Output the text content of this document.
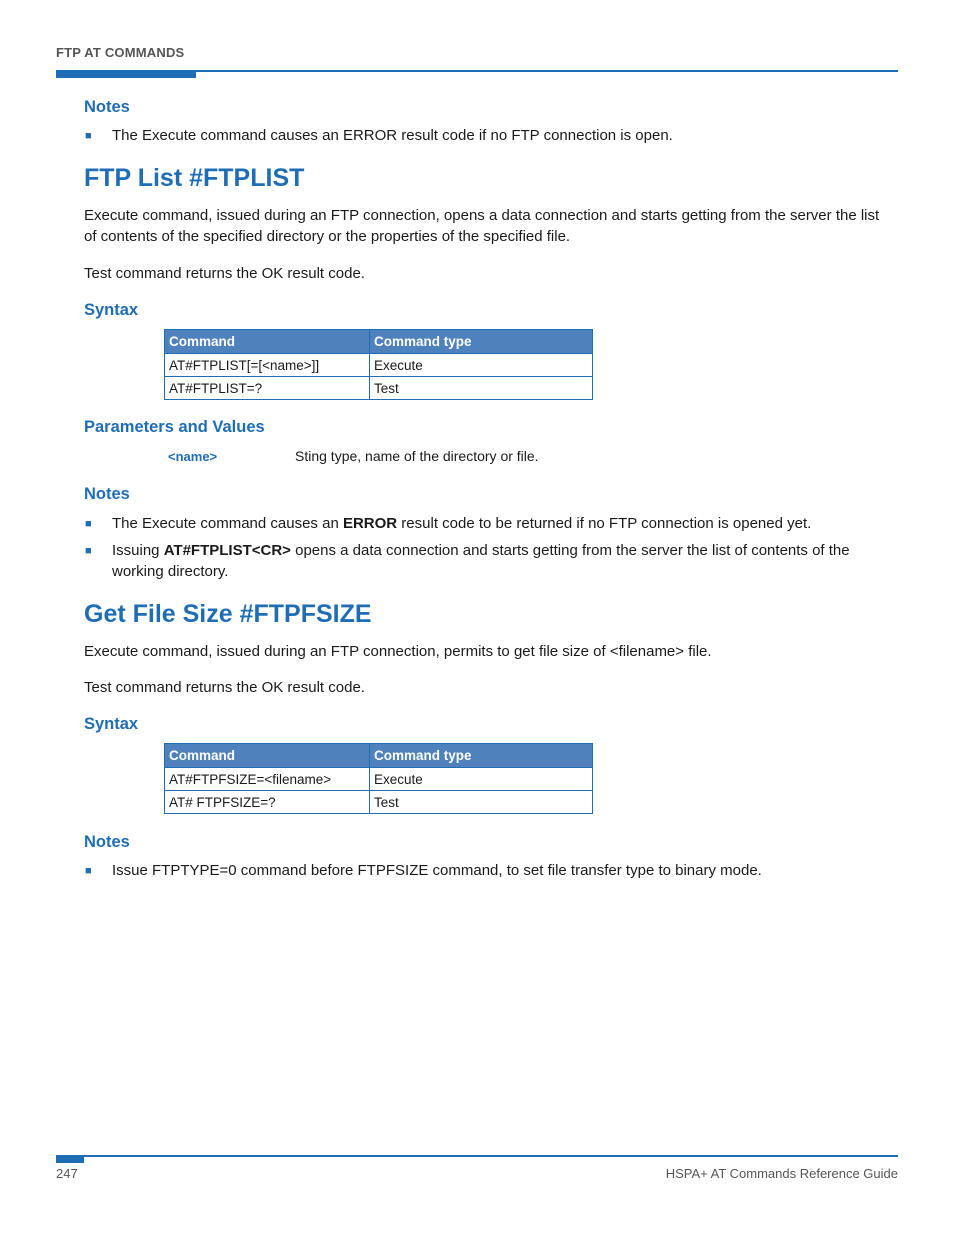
FTP AT COMMANDS
Notes
■ The Execute command causes an ERROR result code if no FTP connection is open.
FTP List #FTPLIST
Execute command, issued during an FTP connection, opens a data connection and starts getting from the server the list of contents of the specified directory or the properties of the specified file.
Test command returns the OK result code.
Syntax
Command	Command type
AT#FTPLIST[=[<name>]]	Execute
AT#FTPLIST=?	Test
Parameters and Values
<name>	Sting type, name of the directory or file.
Notes
■ The Execute command causes an ERROR result code to be returned if no FTP connection is opened yet.
■ Issuing AT#FTPLIST<CR> opens a data connection and starts getting from the server the list of contents of the
working directory.
Get File Size #FTPFSIZE
Execute command, issued during an FTP connection, permits to get file size of <filename> file.
Test command returns the OK result code.
Syntax
Command	Command type
AT#FTPFSIZE=<filename>	Execute
AT# FTPFSIZE=?	Test
Notes
■ Issue FTPTYPE=0 command before FTPFSIZE command, to set file transfer type to binary mode.
247	HSPA+ AT Commands Reference Guide
